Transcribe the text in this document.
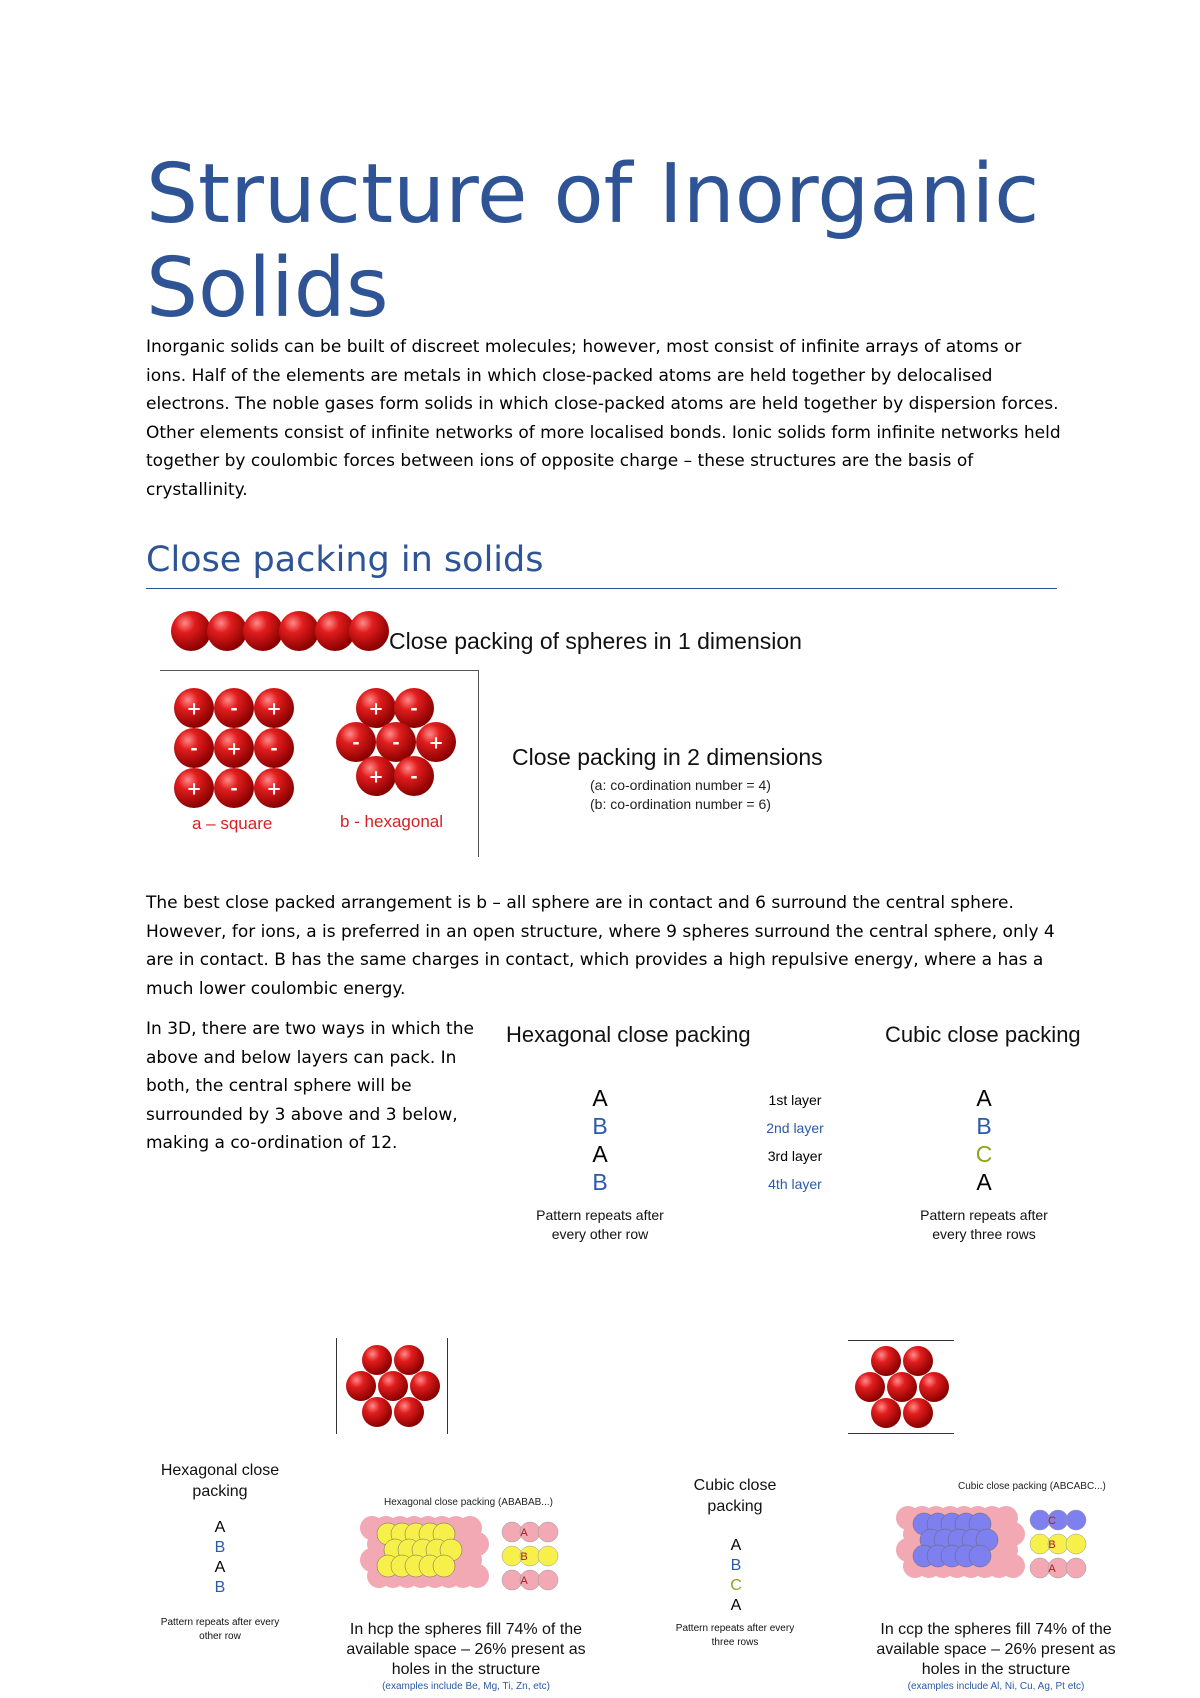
Structure of Inorganic Solids

Inorganic solids can be built of discreet molecules; however, most consist of infinite arrays of atoms or ions. Half of the elements are metals in which close-packed atoms are held together by delocalised electrons. The noble gases form solids in which close-packed atoms are held together by dispersion forces. Other elements consist of infinite networks of more localised bonds. Ionic solids form infinite networks held together by coulombic forces between ions of opposite charge – these structures are the basis of crystallinity.

Close packing in solids
Close packing of spheres in 1 dimension
+ - +
- + -
+ - +
+ -
- - +
+ -
a – square	b - hexagonal
Close packing in 2 dimensions
(a: co-ordination number = 4)
(b: co-ordination number = 6)

The best close packed arrangement is b – all sphere are in contact and 6 surround the central sphere. However, for ions, a is preferred in an open structure, where 9 spheres surround the central sphere, only 4 are in contact. B has the same charges in contact, which provides a high repulsive energy, where a has a much lower coulombic energy.

In 3D, there are two ways in which the above and below layers can pack. In both, the central sphere will be surrounded by 3 above and 3 below, making a co-ordination of 12.

Hexagonal close packing	Cubic close packing
A
B
A
B
1st layer
2nd layer
3rd layer
4th layer
A
B
C
A
Pattern repeats after every other row
Pattern repeats after every three rows
Hexagonal close packing
A
B
A
B
Pattern repeats after every other row
Cubic close packing
A
B
C
A
Pattern repeats after every three rows
Hexagonal close packing (ABABAB...)
A
B
A
Cubic close packing (ABCABC...)
C
B
A
In hcp the spheres fill 74% of the available space – 26% present as holes in the structure
(examples include Be, Mg, Ti, Zn, etc)
In ccp the spheres fill 74% of the available space – 26% present as holes in the structure
(examples include Al, Ni, Cu, Ag, Pt etc)
